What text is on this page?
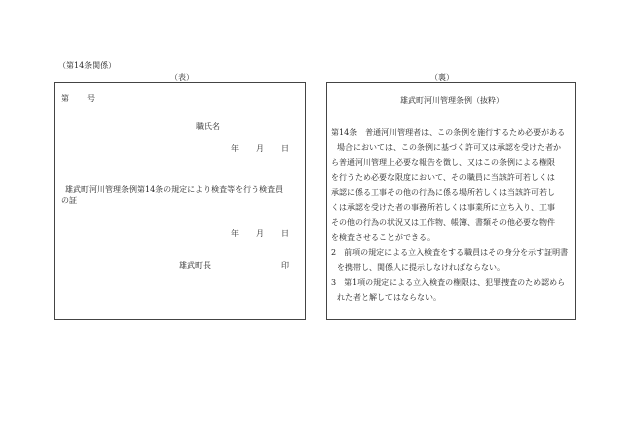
（第14条関係）
（表）	（裏）
第 号
職氏名
年 月 日
雄武町河川管理条例第14条の規定により検査等を行う検査員
の証
年 月 日
雄武町長	印
雄武町河川管理条例（抜粋）
第14条　普通河川管理者は、この条例を施行するため必要がある
場合においては、この条例に基づく許可又は承認を受けた者か
ら普通河川管理上必要な報告を徴し、又はこの条例による権限
を行うため必要な限度において、その職員に当該許可若しくは
承認に係る工事その他の行為に係る場所若しくは当該許可若し
くは承認を受けた者の事務所若しくは事業所に立ち入り、工事
その他の行為の状況又は工作物、帳簿、書類その他必要な物件
を検査させることができる。
2　前項の規定による立入検査をする職員はその身分を示す証明書
を携帯し、関係人に提示しなければならない。
3　第1項の規定による立入検査の権限は、犯罪捜査のため認めら
れた者と解してはならない。
